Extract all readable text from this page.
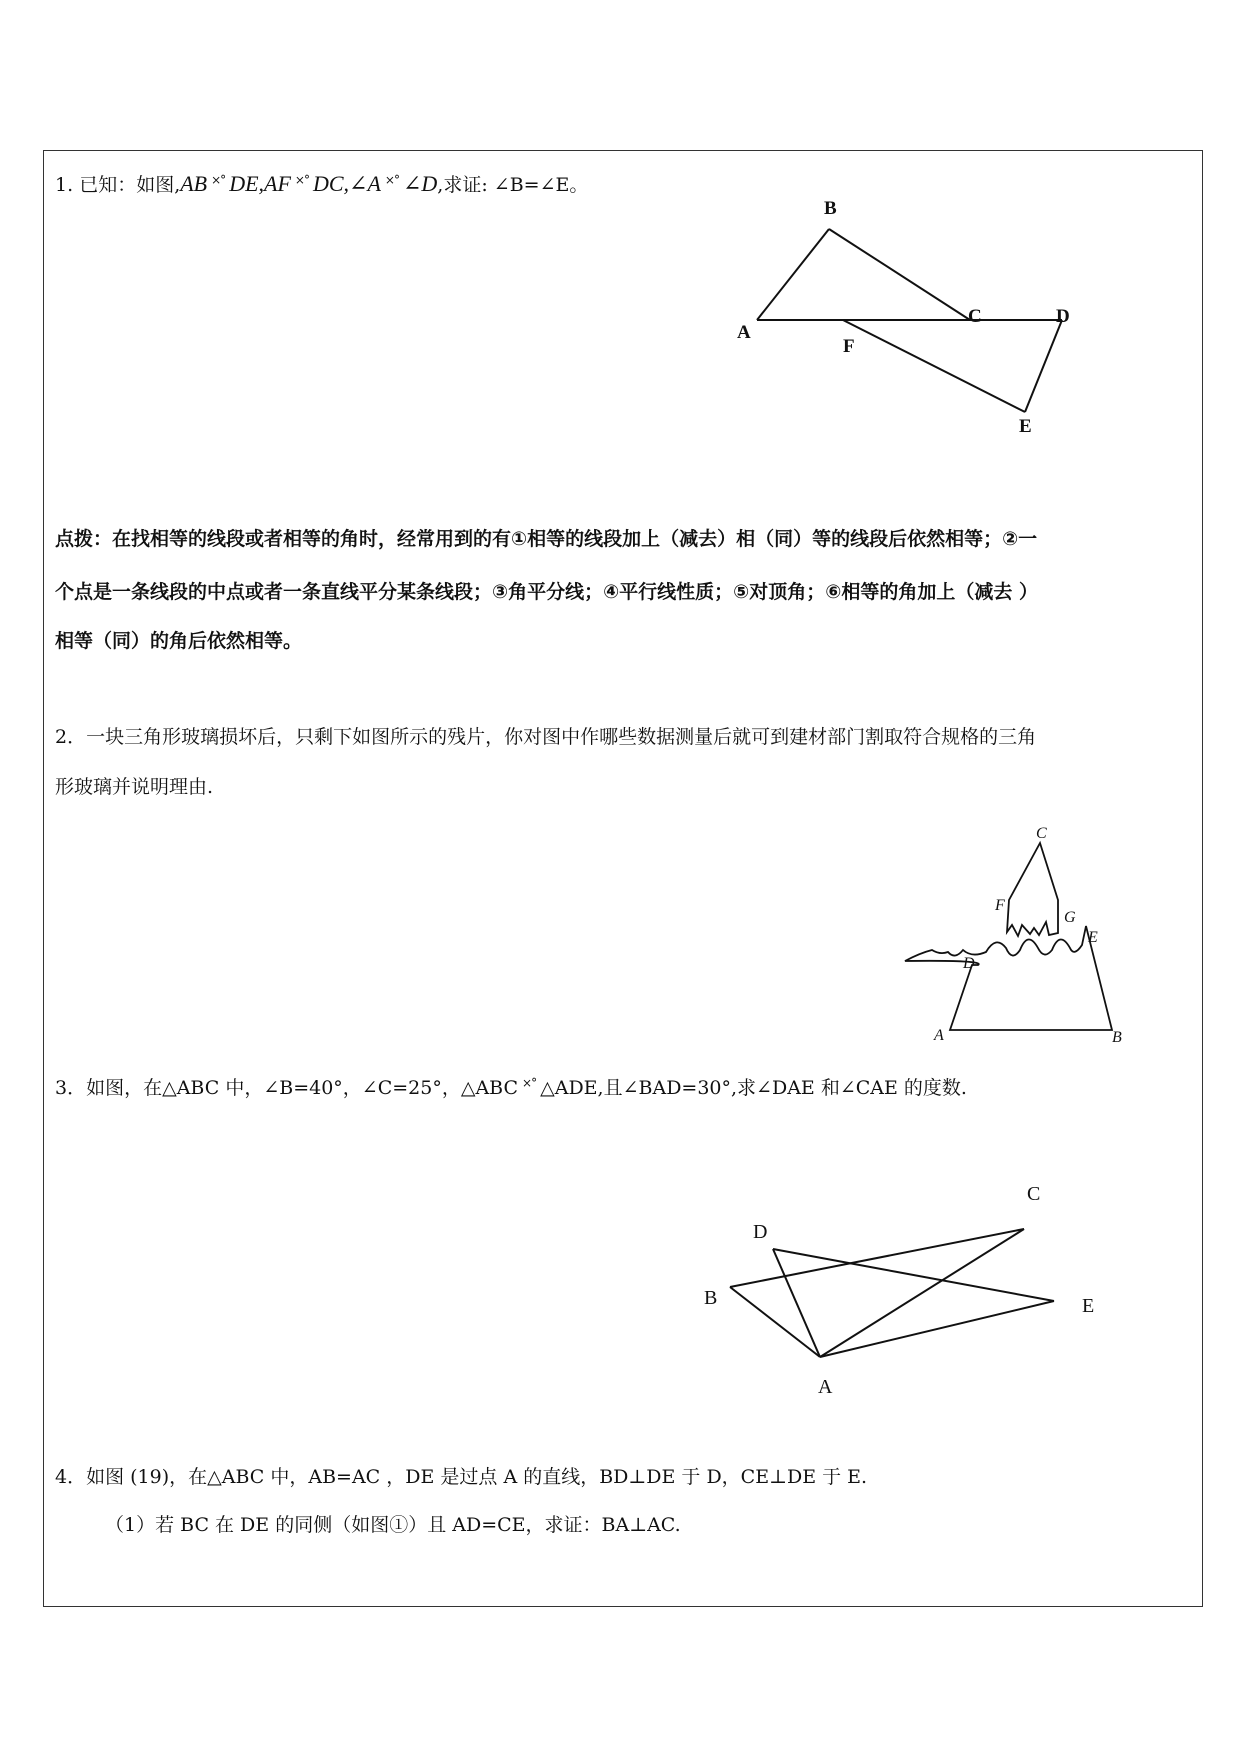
1. 已知：如图,AB ×° DE,AF ×° DC,∠A ×° ∠D,求证: ∠B=∠E。
A
B
C	D
E
F
点拨：在找相等的线段或者相等的角时，经常用到的有①相等的线段加上（减去）相（同）等的线段后依然相等；②一
个点是一条线段的中点或者一条直线平分某条线段；③角平分线；④平行线性质；⑤对顶角；⑥相等的角加上（减去 ）
相等（同）的角后依然相等。
2．一块三角形玻璃损坏后，只剩下如图所示的残片，你对图中作哪些数据测量后就可到建材部门割取符合规格的三角
形玻璃并说明理由.
C
F
G
E
D
A	B
3．如图，在△ABC 中，∠B=40°，∠C=25°，△ABC ×° △ADE,且∠BAD=30°,求∠DAE 和∠CAE 的度数.
A
B
C
D
E
4．如图 (19)，在△ABC 中，AB=AC ，DE 是过点 A 的直线，BD⊥DE 于 D，CE⊥DE 于 E.
（1）若 BC 在 DE 的同侧（如图①）且 AD=CE，求证：BA⊥AC.
